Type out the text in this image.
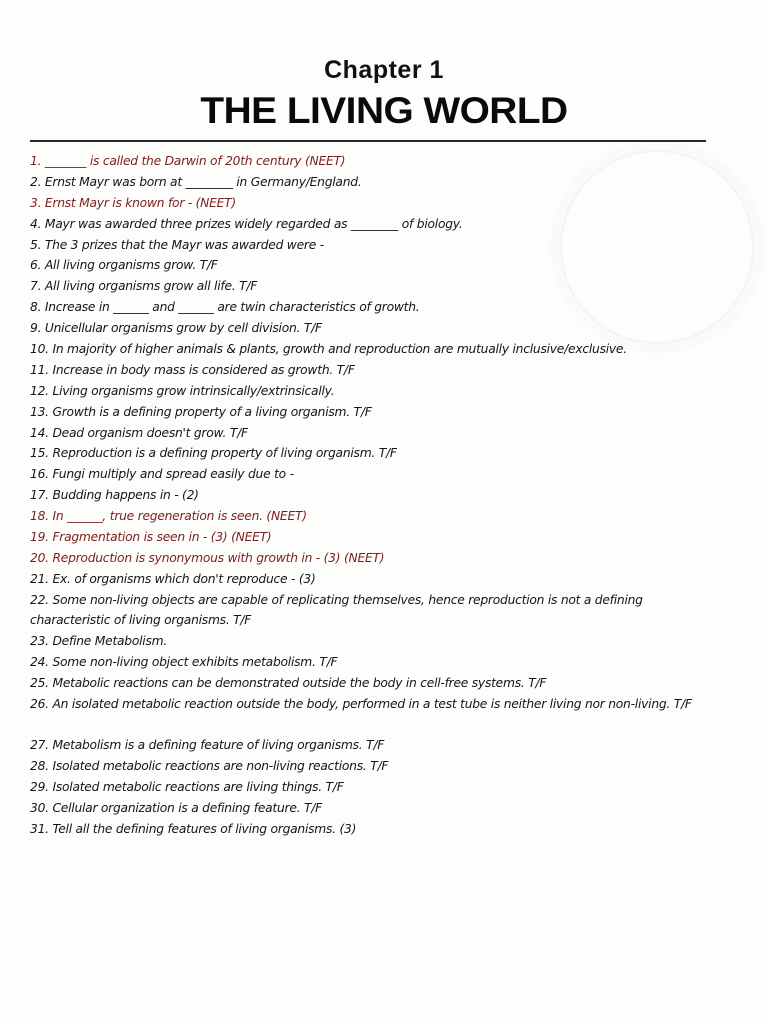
Chapter 1
THE LIVING WORLD
1. _______ is called the Darwin of 20th century (NEET)
2. Ernst Mayr was born at ________ in Germany/England.
3. Ernst Mayr is known for - (NEET)
4. Mayr was awarded three prizes widely regarded as ________ of biology.
5. The 3 prizes that the Mayr was awarded were -
6. All living organisms grow. T/F
7. All living organisms grow all life. T/F
8. Increase in ______ and ______ are twin characteristics of growth.
9. Unicellular organisms grow by cell division. T/F
10. In majority of higher animals & plants, growth and reproduction are mutually inclusive/exclusive.
11. Increase in body mass is considered as growth. T/F
12. Living organisms grow intrinsically/extrinsically.
13. Growth is a defining property of a living organism. T/F
14. Dead organism doesn't grow. T/F
15. Reproduction is a defining property of living organism. T/F
16. Fungi multiply and spread easily due to -
17. Budding happens in - (2)
18. In ______, true regeneration is seen. (NEET)
19. Fragmentation is seen in - (3) (NEET)
20. Reproduction is synonymous with growth in - (3) (NEET)
21. Ex. of organisms which don't reproduce - (3)
22. Some non-living objects are capable of replicating themselves, hence reproduction is not a defining characteristic of living organisms. T/F
23. Define Metabolism.
24. Some non-living object exhibits metabolism. T/F
25. Metabolic reactions can be demonstrated outside the body in cell-free systems. T/F
26. An isolated metabolic reaction outside the body, performed in a test tube is neither living nor non-living. T/F
27. Metabolism is a defining feature of living organisms. T/F
28. Isolated metabolic reactions are non-living reactions. T/F
29. Isolated metabolic reactions are living things. T/F
30. Cellular organization is a defining feature. T/F
31. Tell all the defining features of living organisms. (3)
